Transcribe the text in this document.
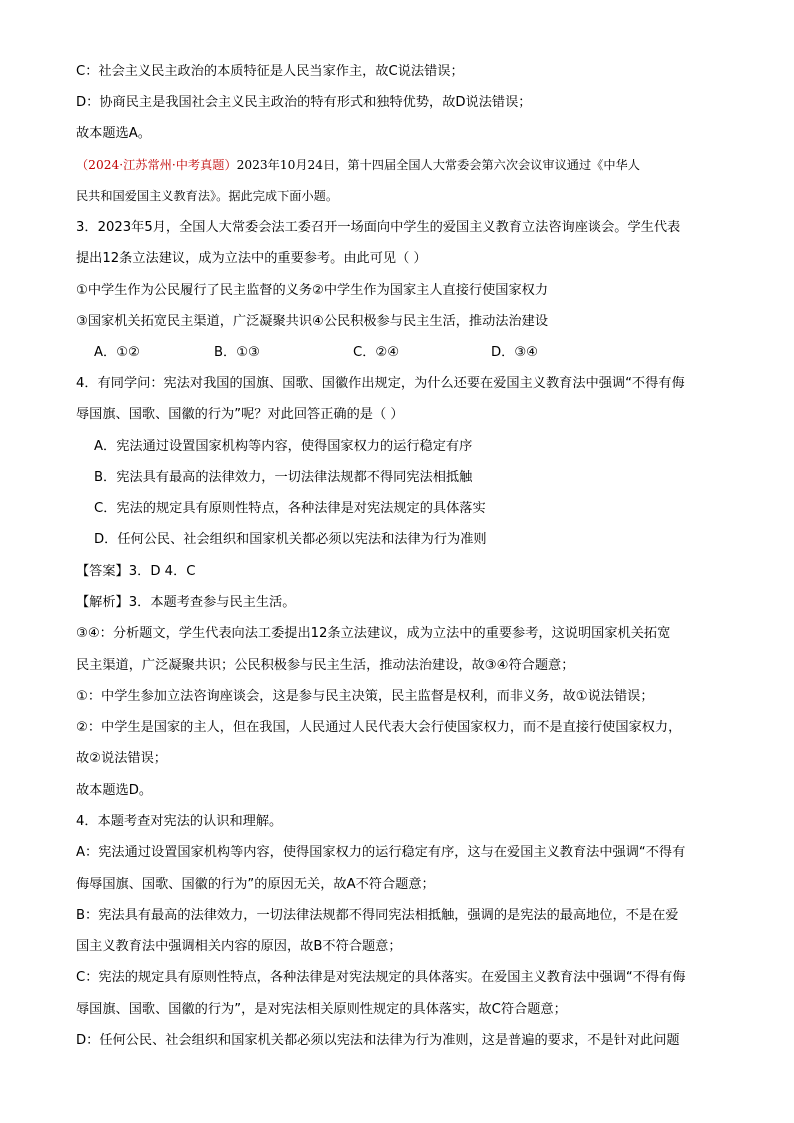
C：社会主义民主政治的本质特征是人民当家作主，故C说法错误；
D：协商民主是我国社会主义民主政治的特有形式和独特优势，故D说法错误；
故本题选A。
（2024·江苏常州·中考真题）2023年10月24日，第十四届全国人大常委会第六次会议审议通过《中华人
民共和国爱国主义教育法》。据此完成下面小题。
3．2023年5月，全国人大常委会法工委召开一场面向中学生的爱国主义教育立法咨询座谈会。学生代表
提出12条立法建议，成为立法中的重要参考。由此可见（ ）
①中学生作为公民履行了民主监督的义务②中学生作为国家主人直接行使国家权力
③国家机关拓宽民主渠道，广泛凝聚共识④公民积极参与民主生活，推动法治建设
A．①②	B．①③	C．②④	D．③④
4．有同学问：宪法对我国的国旗、国歌、国徽作出规定，为什么还要在爱国主义教育法中强调“不得有侮
辱国旗、国歌、国徽的行为”呢？对此回答正确的是（ ）
A．宪法通过设置国家机构等内容，使得国家权力的运行稳定有序
B．宪法具有最高的法律效力，一切法律法规都不得同宪法相抵触
C．宪法的规定具有原则性特点，各种法律是对宪法规定的具体落实
D．任何公民、社会组织和国家机关都必须以宪法和法律为行为准则
【答案】3．D 4．C
【解析】3．本题考查参与民主生活。
③④：分析题文，学生代表向法工委提出12条立法建议，成为立法中的重要参考，这说明国家机关拓宽
民主渠道，广泛凝聚共识；公民积极参与民主生活，推动法治建设，故③④符合题意；
①：中学生参加立法咨询座谈会，这是参与民主决策，民主监督是权利，而非义务，故①说法错误；
②：中学生是国家的主人，但在我国，人民通过人民代表大会行使国家权力，而不是直接行使国家权力，
故②说法错误；
故本题选D。
4．本题考查对宪法的认识和理解。
A：宪法通过设置国家机构等内容，使得国家权力的运行稳定有序，这与在爱国主义教育法中强调“不得有
侮辱国旗、国歌、国徽的行为”的原因无关，故A不符合题意；
B：宪法具有最高的法律效力，一切法律法规都不得同宪法相抵触，强调的是宪法的最高地位，不是在爱
国主义教育法中强调相关内容的原因，故B不符合题意；
C：宪法的规定具有原则性特点，各种法律是对宪法规定的具体落实。在爱国主义教育法中强调“不得有侮
辱国旗、国歌、国徽的行为”，是对宪法相关原则性规定的具体落实，故C符合题意；
D：任何公民、社会组织和国家机关都必须以宪法和法律为行为准则，这是普遍的要求，不是针对此问题
